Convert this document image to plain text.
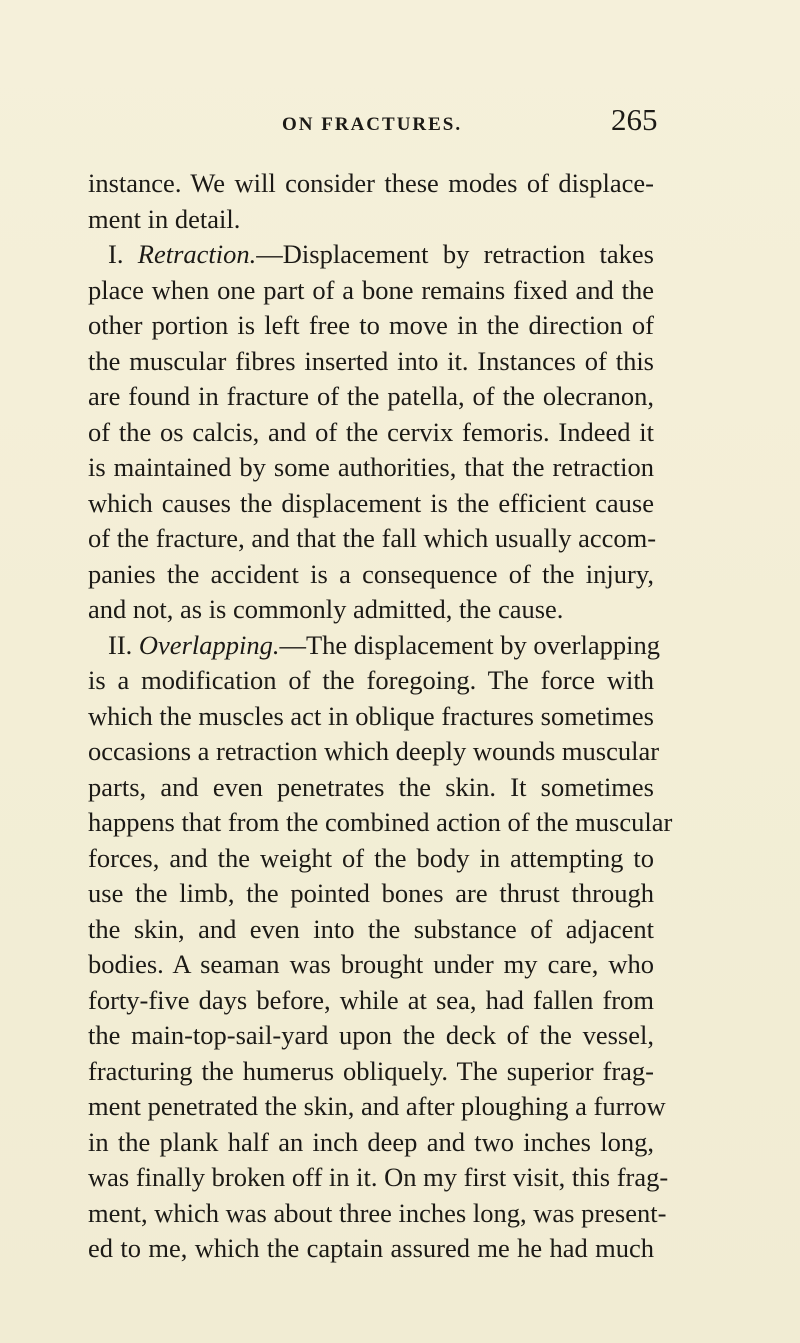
ON FRACTURES.	265
instance. We will consider these modes of displace-
ment in detail.
I. Retraction.—Displacement by retraction takes
place when one part of a bone remains fixed and the
other portion is left free to move in the direction of
the muscular fibres inserted into it. Instances of this
are found in fracture of the patella, of the olecranon,
of the os calcis, and of the cervix femoris. Indeed it
is maintained by some authorities, that the retraction
which causes the displacement is the efficient cause
of the fracture, and that the fall which usually accom-
panies the accident is a consequence of the injury,
and not, as is commonly admitted, the cause.
II. Overlapping.—The displacement by overlapping
is a modification of the foregoing. The force with
which the muscles act in oblique fractures sometimes
occasions a retraction which deeply wounds muscular
parts, and even penetrates the skin. It sometimes
happens that from the combined action of the muscular
forces, and the weight of the body in attempting to
use the limb, the pointed bones are thrust through
the skin, and even into the substance of adjacent
bodies. A seaman was brought under my care, who
forty-five days before, while at sea, had fallen from
the main-top-sail-yard upon the deck of the vessel,
fracturing the humerus obliquely. The superior frag-
ment penetrated the skin, and after ploughing a furrow
in the plank half an inch deep and two inches long,
was finally broken off in it. On my first visit, this frag-
ment, which was about three inches long, was present-
ed to me, which the captain assured me he had much
